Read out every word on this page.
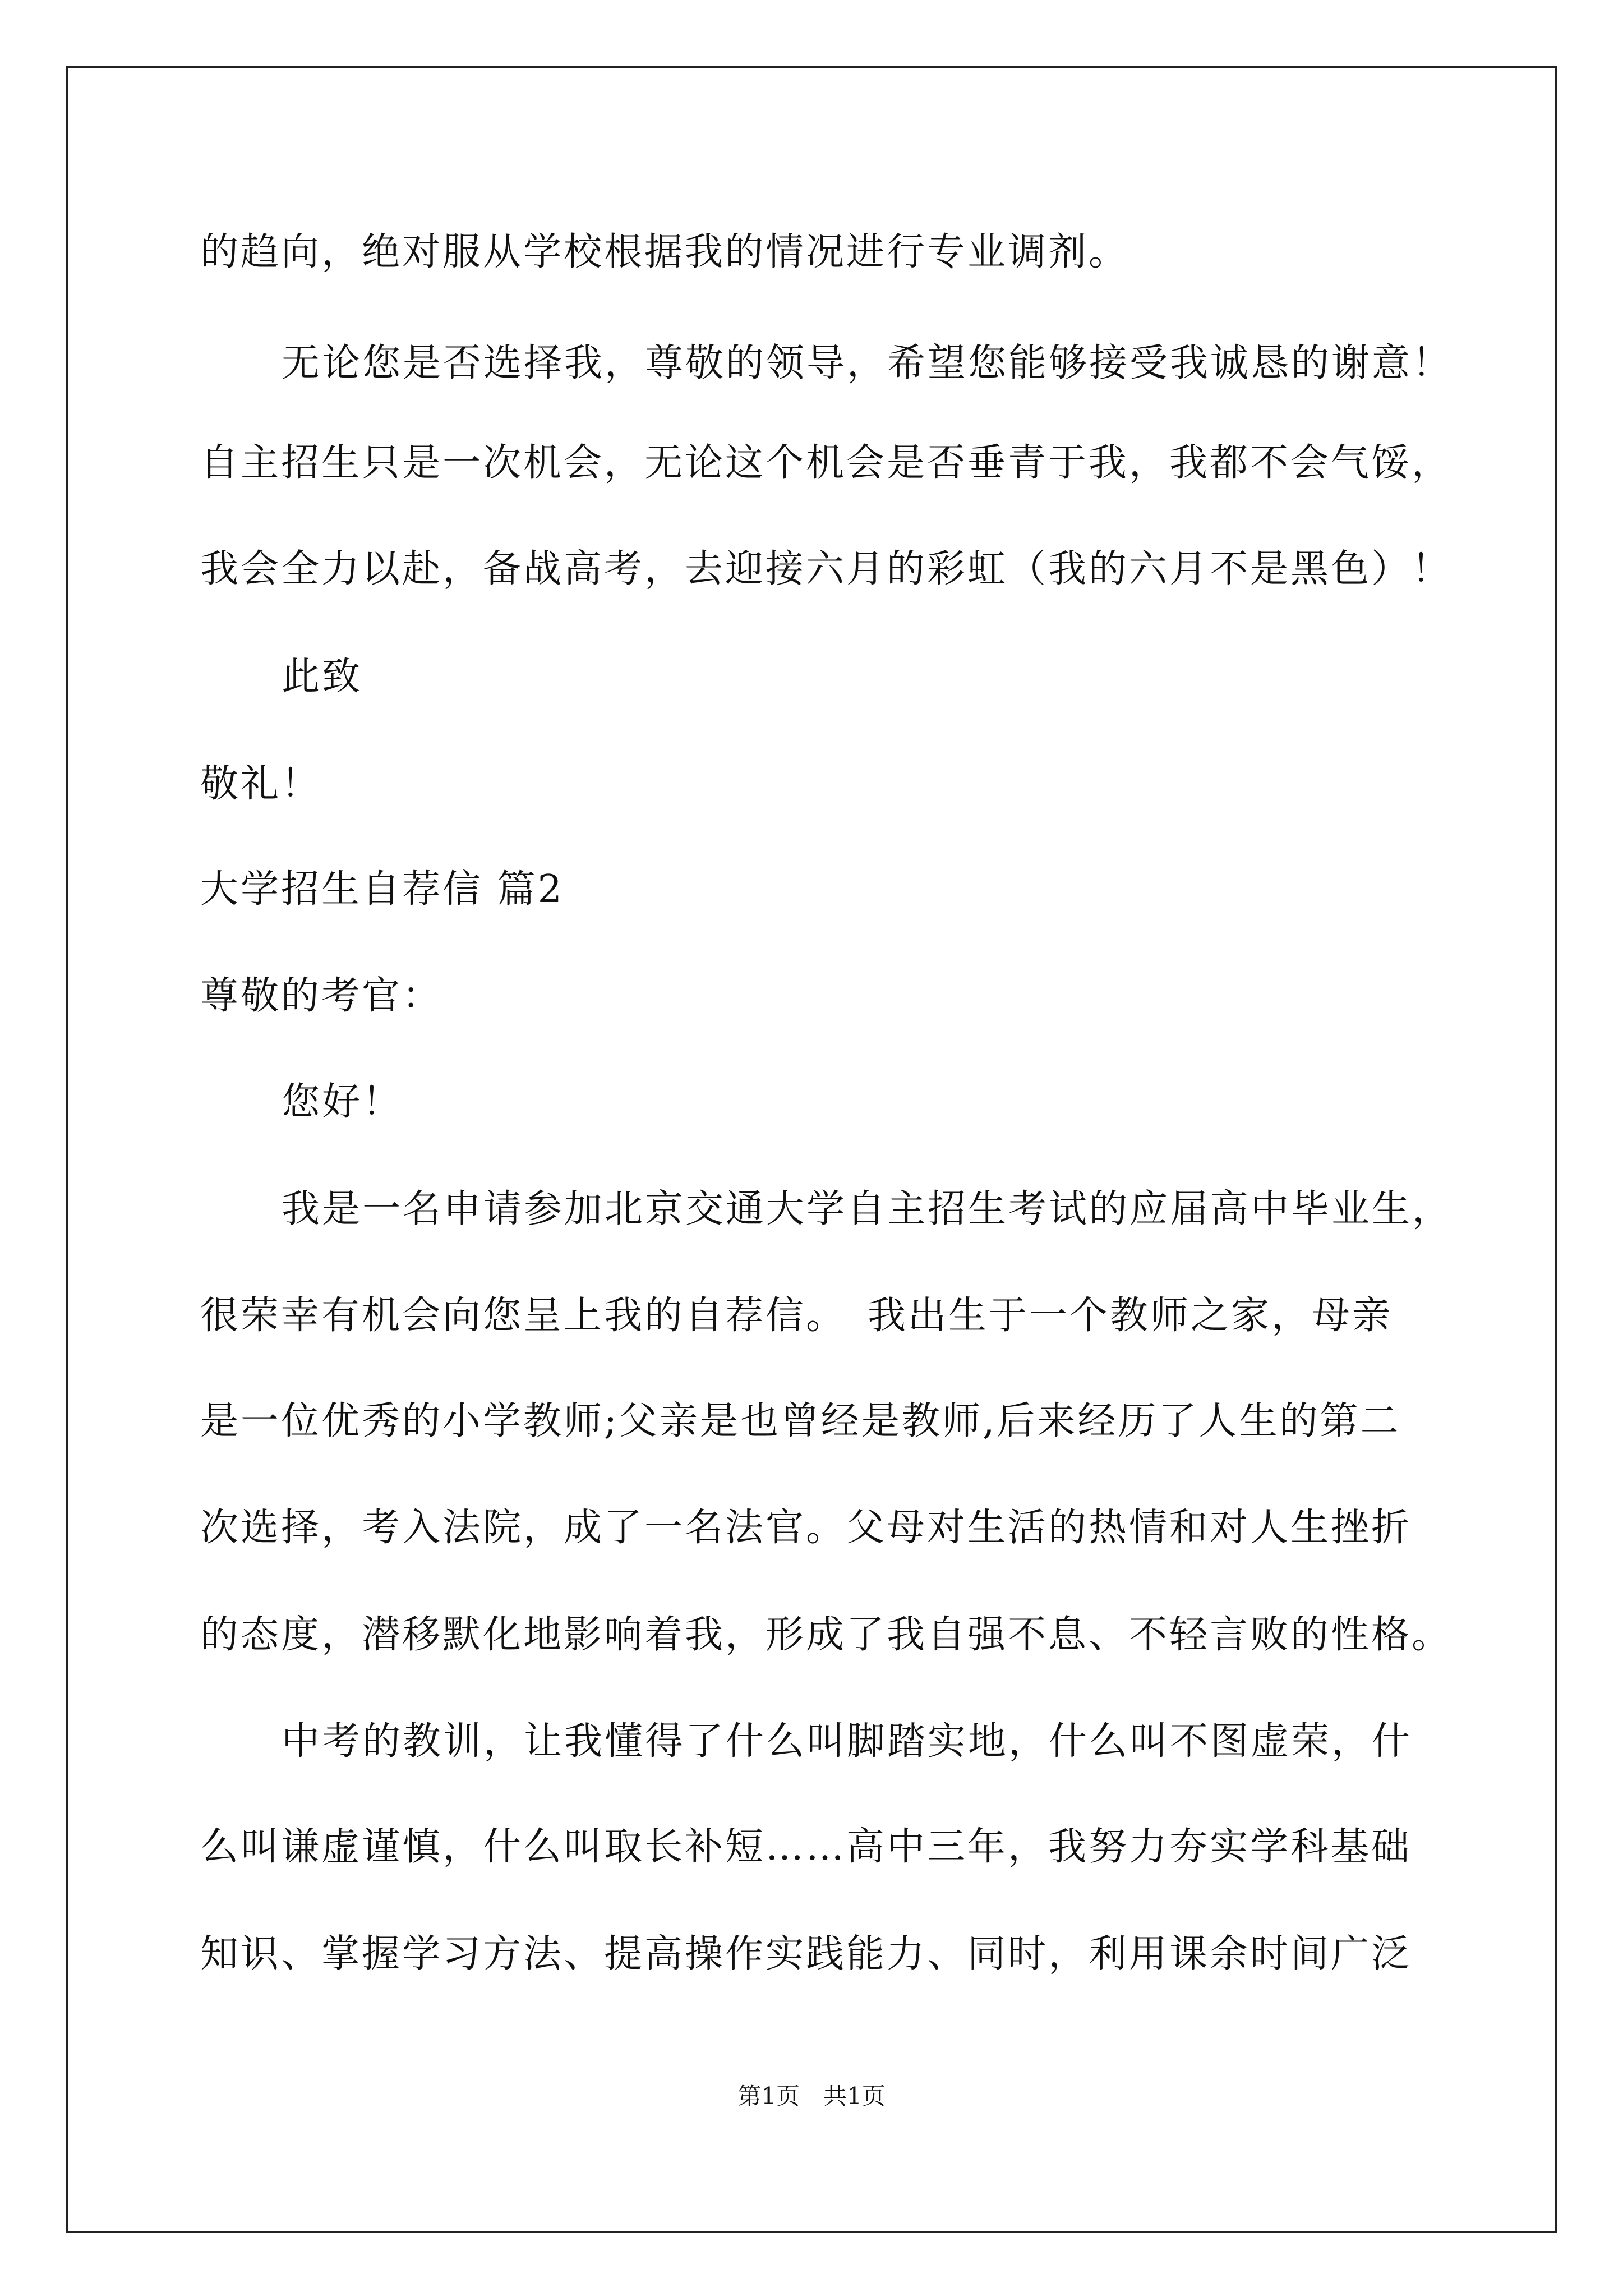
的趋向，绝对服从学校根据我的情况进行专业调剂。
无论您是否选择我，尊敬的领导，希望您能够接受我诚恳的谢意！
自主招生只是一次机会，无论这个机会是否垂青于我，我都不会气馁，
我会全力以赴，备战高考，去迎接六月的彩虹（我的六月不是黑色）！
此致
敬礼！
大学招生自荐信 篇2
尊敬的考官：
您好！
我是一名申请参加北京交通大学自主招生考试的应届高中毕业生，
很荣幸有机会向您呈上我的自荐信。　我出生于一个教师之家，母亲
是一位优秀的小学教师;父亲是也曾经是教师,后来经历了人生的第二
次选择，考入法院，成了一名法官。父母对生活的热情和对人生挫折
的态度，潜移默化地影响着我，形成了我自强不息、不轻言败的性格。
中考的教训，让我懂得了什么叫脚踏实地，什么叫不图虚荣，什
么叫谦虚谨慎，什么叫取长补短……高中三年，我努力夯实学科基础
知识、掌握学习方法、提高操作实践能力、同时，利用课余时间广泛
第1页　共1页
